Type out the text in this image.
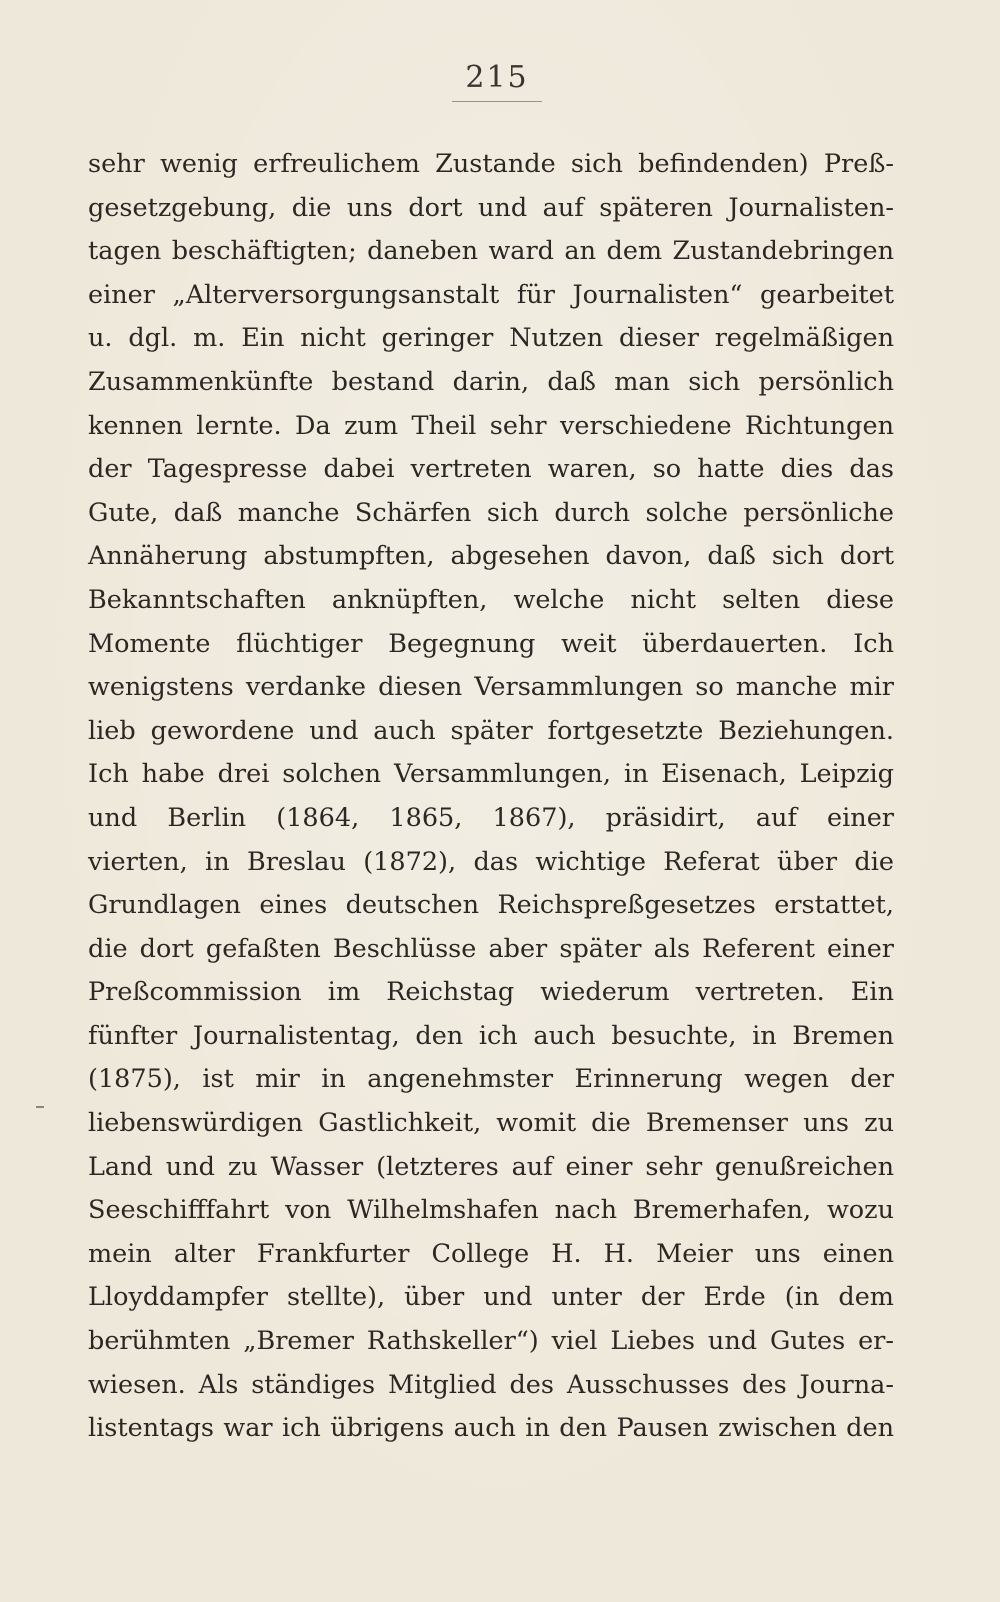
215
sehr wenig erfreulichem Zustande sich befindenden) Preß-
gesetzgebung, die uns dort und auf späteren Journalisten-
tagen beschäftigten; daneben ward an dem Zustandebringen
einer „Alterversorgungsanstalt für Journalisten“ gearbeitet
u. dgl. m. Ein nicht geringer Nutzen dieser regelmäßigen
Zusammenkünfte bestand darin, daß man sich persönlich
kennen lernte. Da zum Theil sehr verschiedene Richtungen
der Tagespresse dabei vertreten waren, so hatte dies das
Gute, daß manche Schärfen sich durch solche persönliche
Annäherung abstumpften, abgesehen davon, daß sich dort
Bekanntschaften anknüpften, welche nicht selten diese
Momente flüchtiger Begegnung weit überdauerten. Ich
wenigstens verdanke diesen Versammlungen so manche mir
lieb gewordene und auch später fortgesetzte Beziehungen.
Ich habe drei solchen Versammlungen, in Eisenach, Leipzig
und Berlin (1864, 1865, 1867), präsidirt, auf einer
vierten, in Breslau (1872), das wichtige Referat über die
Grundlagen eines deutschen Reichspreßgesetzes erstattet,
die dort gefaßten Beschlüsse aber später als Referent einer
Preßcommission im Reichstag wiederum vertreten. Ein
fünfter Journalistentag, den ich auch besuchte, in Bremen
(1875), ist mir in angenehmster Erinnerung wegen der
liebenswürdigen Gastlichkeit, womit die Bremenser uns zu
Land und zu Wasser (letzteres auf einer sehr genußreichen
Seeschifffahrt von Wilhelmshafen nach Bremerhafen, wozu
mein alter Frankfurter College H. H. Meier uns einen
Lloyddampfer stellte), über und unter der Erde (in dem
berühmten „Bremer Rathskeller“) viel Liebes und Gutes er-
wiesen. Als ständiges Mitglied des Ausschusses des Journa-
listentags war ich übrigens auch in den Pausen zwischen den
